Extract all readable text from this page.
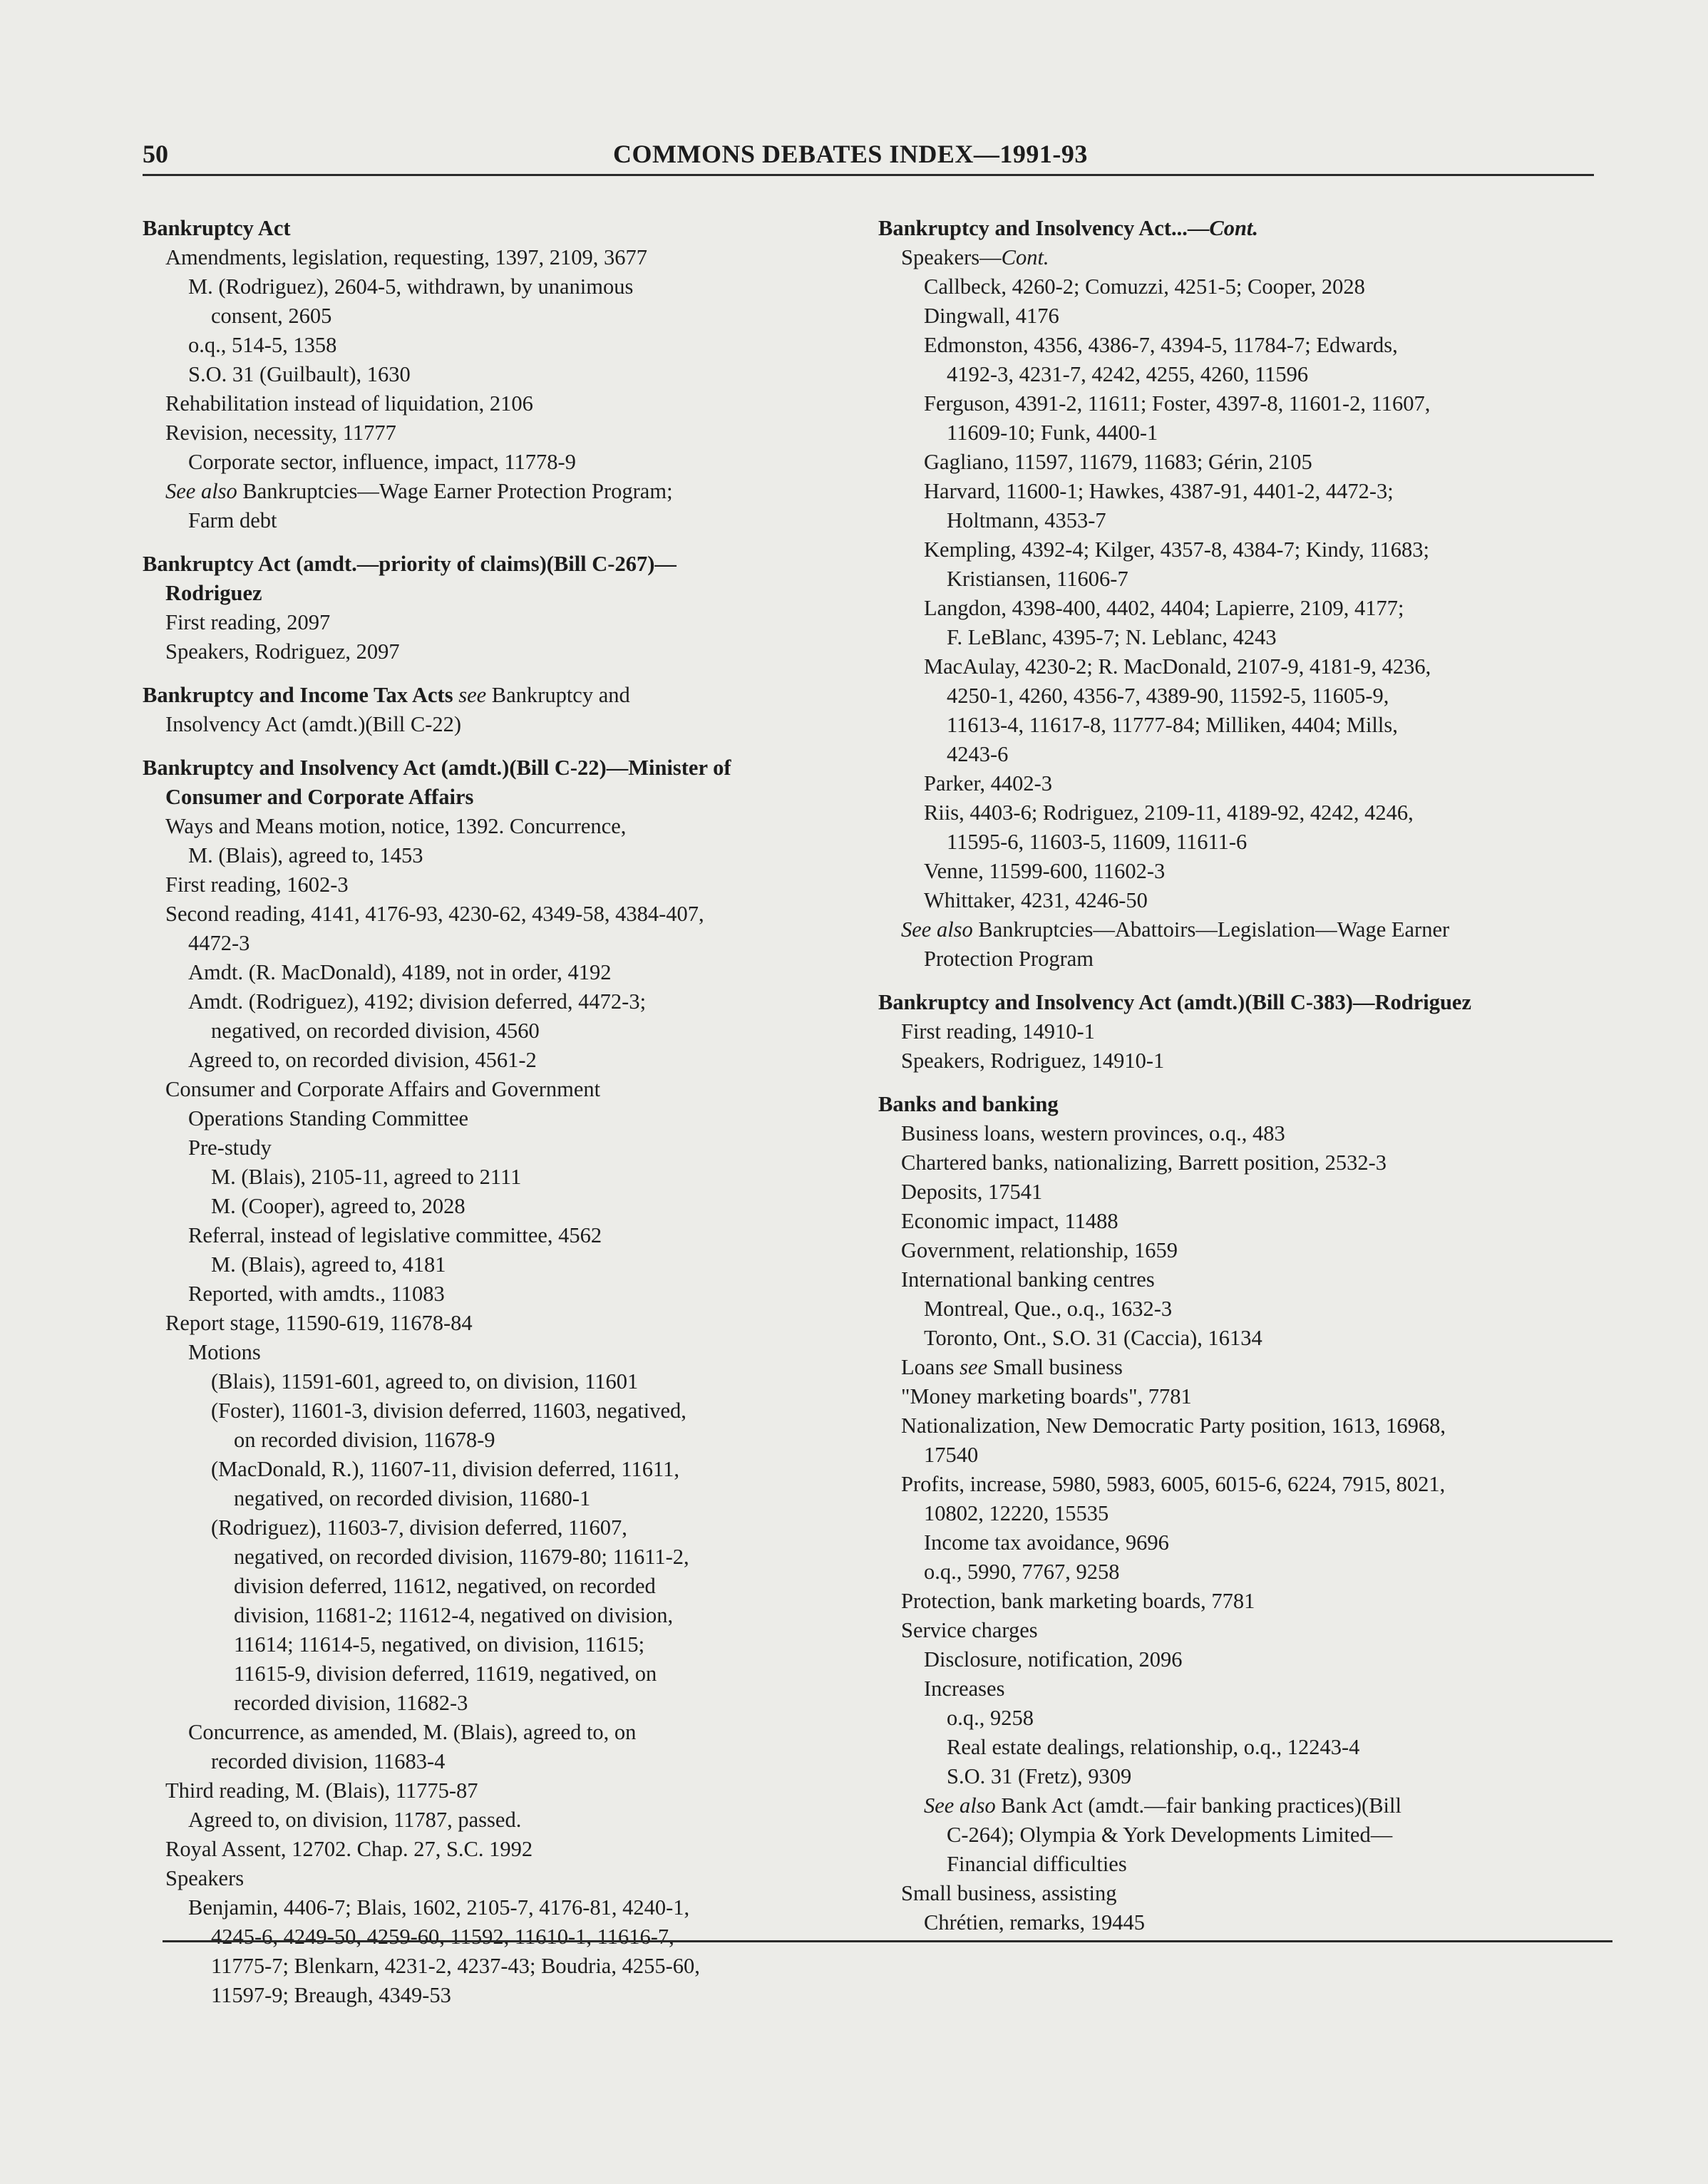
50	COMMONS DEBATES INDEX—1991-93
Bankruptcy Act
Amendments, legislation, requesting, 1397, 2109, 3677
M. (Rodriguez), 2604-5, withdrawn, by unanimous
consent, 2605
o.q., 514-5, 1358
S.O. 31 (Guilbault), 1630
Rehabilitation instead of liquidation, 2106
Revision, necessity, 11777
Corporate sector, influence, impact, 11778-9
See also Bankruptcies—Wage Earner Protection Program;
Farm debt
Bankruptcy Act (amdt.—priority of claims)(Bill C-267)—
Rodriguez
First reading, 2097
Speakers, Rodriguez, 2097
Bankruptcy and Income Tax Acts see Bankruptcy and
Insolvency Act (amdt.)(Bill C-22)
Bankruptcy and Insolvency Act (amdt.)(Bill C-22)—Minister of
Consumer and Corporate Affairs
Ways and Means motion, notice, 1392. Concurrence,
M. (Blais), agreed to, 1453
First reading, 1602-3
Second reading, 4141, 4176-93, 4230-62, 4349-58, 4384-407,
4472-3
Amdt. (R. MacDonald), 4189, not in order, 4192
Amdt. (Rodriguez), 4192; division deferred, 4472-3;
negatived, on recorded division, 4560
Agreed to, on recorded division, 4561-2
Consumer and Corporate Affairs and Government
Operations Standing Committee
Pre-study
M. (Blais), 2105-11, agreed to 2111
M. (Cooper), agreed to, 2028
Referral, instead of legislative committee, 4562
M. (Blais), agreed to, 4181
Reported, with amdts., 11083
Report stage, 11590-619, 11678-84
Motions
(Blais), 11591-601, agreed to, on division, 11601
(Foster), 11601-3, division deferred, 11603, negatived,
on recorded division, 11678-9
(MacDonald, R.), 11607-11, division deferred, 11611,
negatived, on recorded division, 11680-1
(Rodriguez), 11603-7, division deferred, 11607,
negatived, on recorded division, 11679-80; 11611-2,
division deferred, 11612, negatived, on recorded
division, 11681-2; 11612-4, negatived on division,
11614; 11614-5, negatived, on division, 11615;
11615-9, division deferred, 11619, negatived, on
recorded division, 11682-3
Concurrence, as amended, M. (Blais), agreed to, on
recorded division, 11683-4
Third reading, M. (Blais), 11775-87
Agreed to, on division, 11787, passed.
Royal Assent, 12702. Chap. 27, S.C. 1992
Speakers
Benjamin, 4406-7; Blais, 1602, 2105-7, 4176-81, 4240-1,
4245-6, 4249-50, 4259-60, 11592, 11610-1, 11616-7,
11775-7; Blenkarn, 4231-2, 4237-43; Boudria, 4255-60,
11597-9; Breaugh, 4349-53
Bankruptcy and Insolvency Act...—Cont.
Speakers—Cont.
Callbeck, 4260-2; Comuzzi, 4251-5; Cooper, 2028
Dingwall, 4176
Edmonston, 4356, 4386-7, 4394-5, 11784-7; Edwards,
4192-3, 4231-7, 4242, 4255, 4260, 11596
Ferguson, 4391-2, 11611; Foster, 4397-8, 11601-2, 11607,
11609-10; Funk, 4400-1
Gagliano, 11597, 11679, 11683; Gérin, 2105
Harvard, 11600-1; Hawkes, 4387-91, 4401-2, 4472-3;
Holtmann, 4353-7
Kempling, 4392-4; Kilger, 4357-8, 4384-7; Kindy, 11683;
Kristiansen, 11606-7
Langdon, 4398-400, 4402, 4404; Lapierre, 2109, 4177;
F. LeBlanc, 4395-7; N. Leblanc, 4243
MacAulay, 4230-2; R. MacDonald, 2107-9, 4181-9, 4236,
4250-1, 4260, 4356-7, 4389-90, 11592-5, 11605-9,
11613-4, 11617-8, 11777-84; Milliken, 4404; Mills,
4243-6
Parker, 4402-3
Riis, 4403-6; Rodriguez, 2109-11, 4189-92, 4242, 4246,
11595-6, 11603-5, 11609, 11611-6
Venne, 11599-600, 11602-3
Whittaker, 4231, 4246-50
See also Bankruptcies—Abattoirs—Legislation—Wage Earner
Protection Program
Bankruptcy and Insolvency Act (amdt.)(Bill C-383)—Rodriguez
First reading, 14910-1
Speakers, Rodriguez, 14910-1
Banks and banking
Business loans, western provinces, o.q., 483
Chartered banks, nationalizing, Barrett position, 2532-3
Deposits, 17541
Economic impact, 11488
Government, relationship, 1659
International banking centres
Montreal, Que., o.q., 1632-3
Toronto, Ont., S.O. 31 (Caccia), 16134
Loans see Small business
"Money marketing boards", 7781
Nationalization, New Democratic Party position, 1613, 16968,
17540
Profits, increase, 5980, 5983, 6005, 6015-6, 6224, 7915, 8021,
10802, 12220, 15535
Income tax avoidance, 9696
o.q., 5990, 7767, 9258
Protection, bank marketing boards, 7781
Service charges
Disclosure, notification, 2096
Increases
o.q., 9258
Real estate dealings, relationship, o.q., 12243-4
S.O. 31 (Fretz), 9309
See also Bank Act (amdt.—fair banking practices)(Bill
C-264); Olympia & York Developments Limited—
Financial difficulties
Small business, assisting
Chrétien, remarks, 19445
